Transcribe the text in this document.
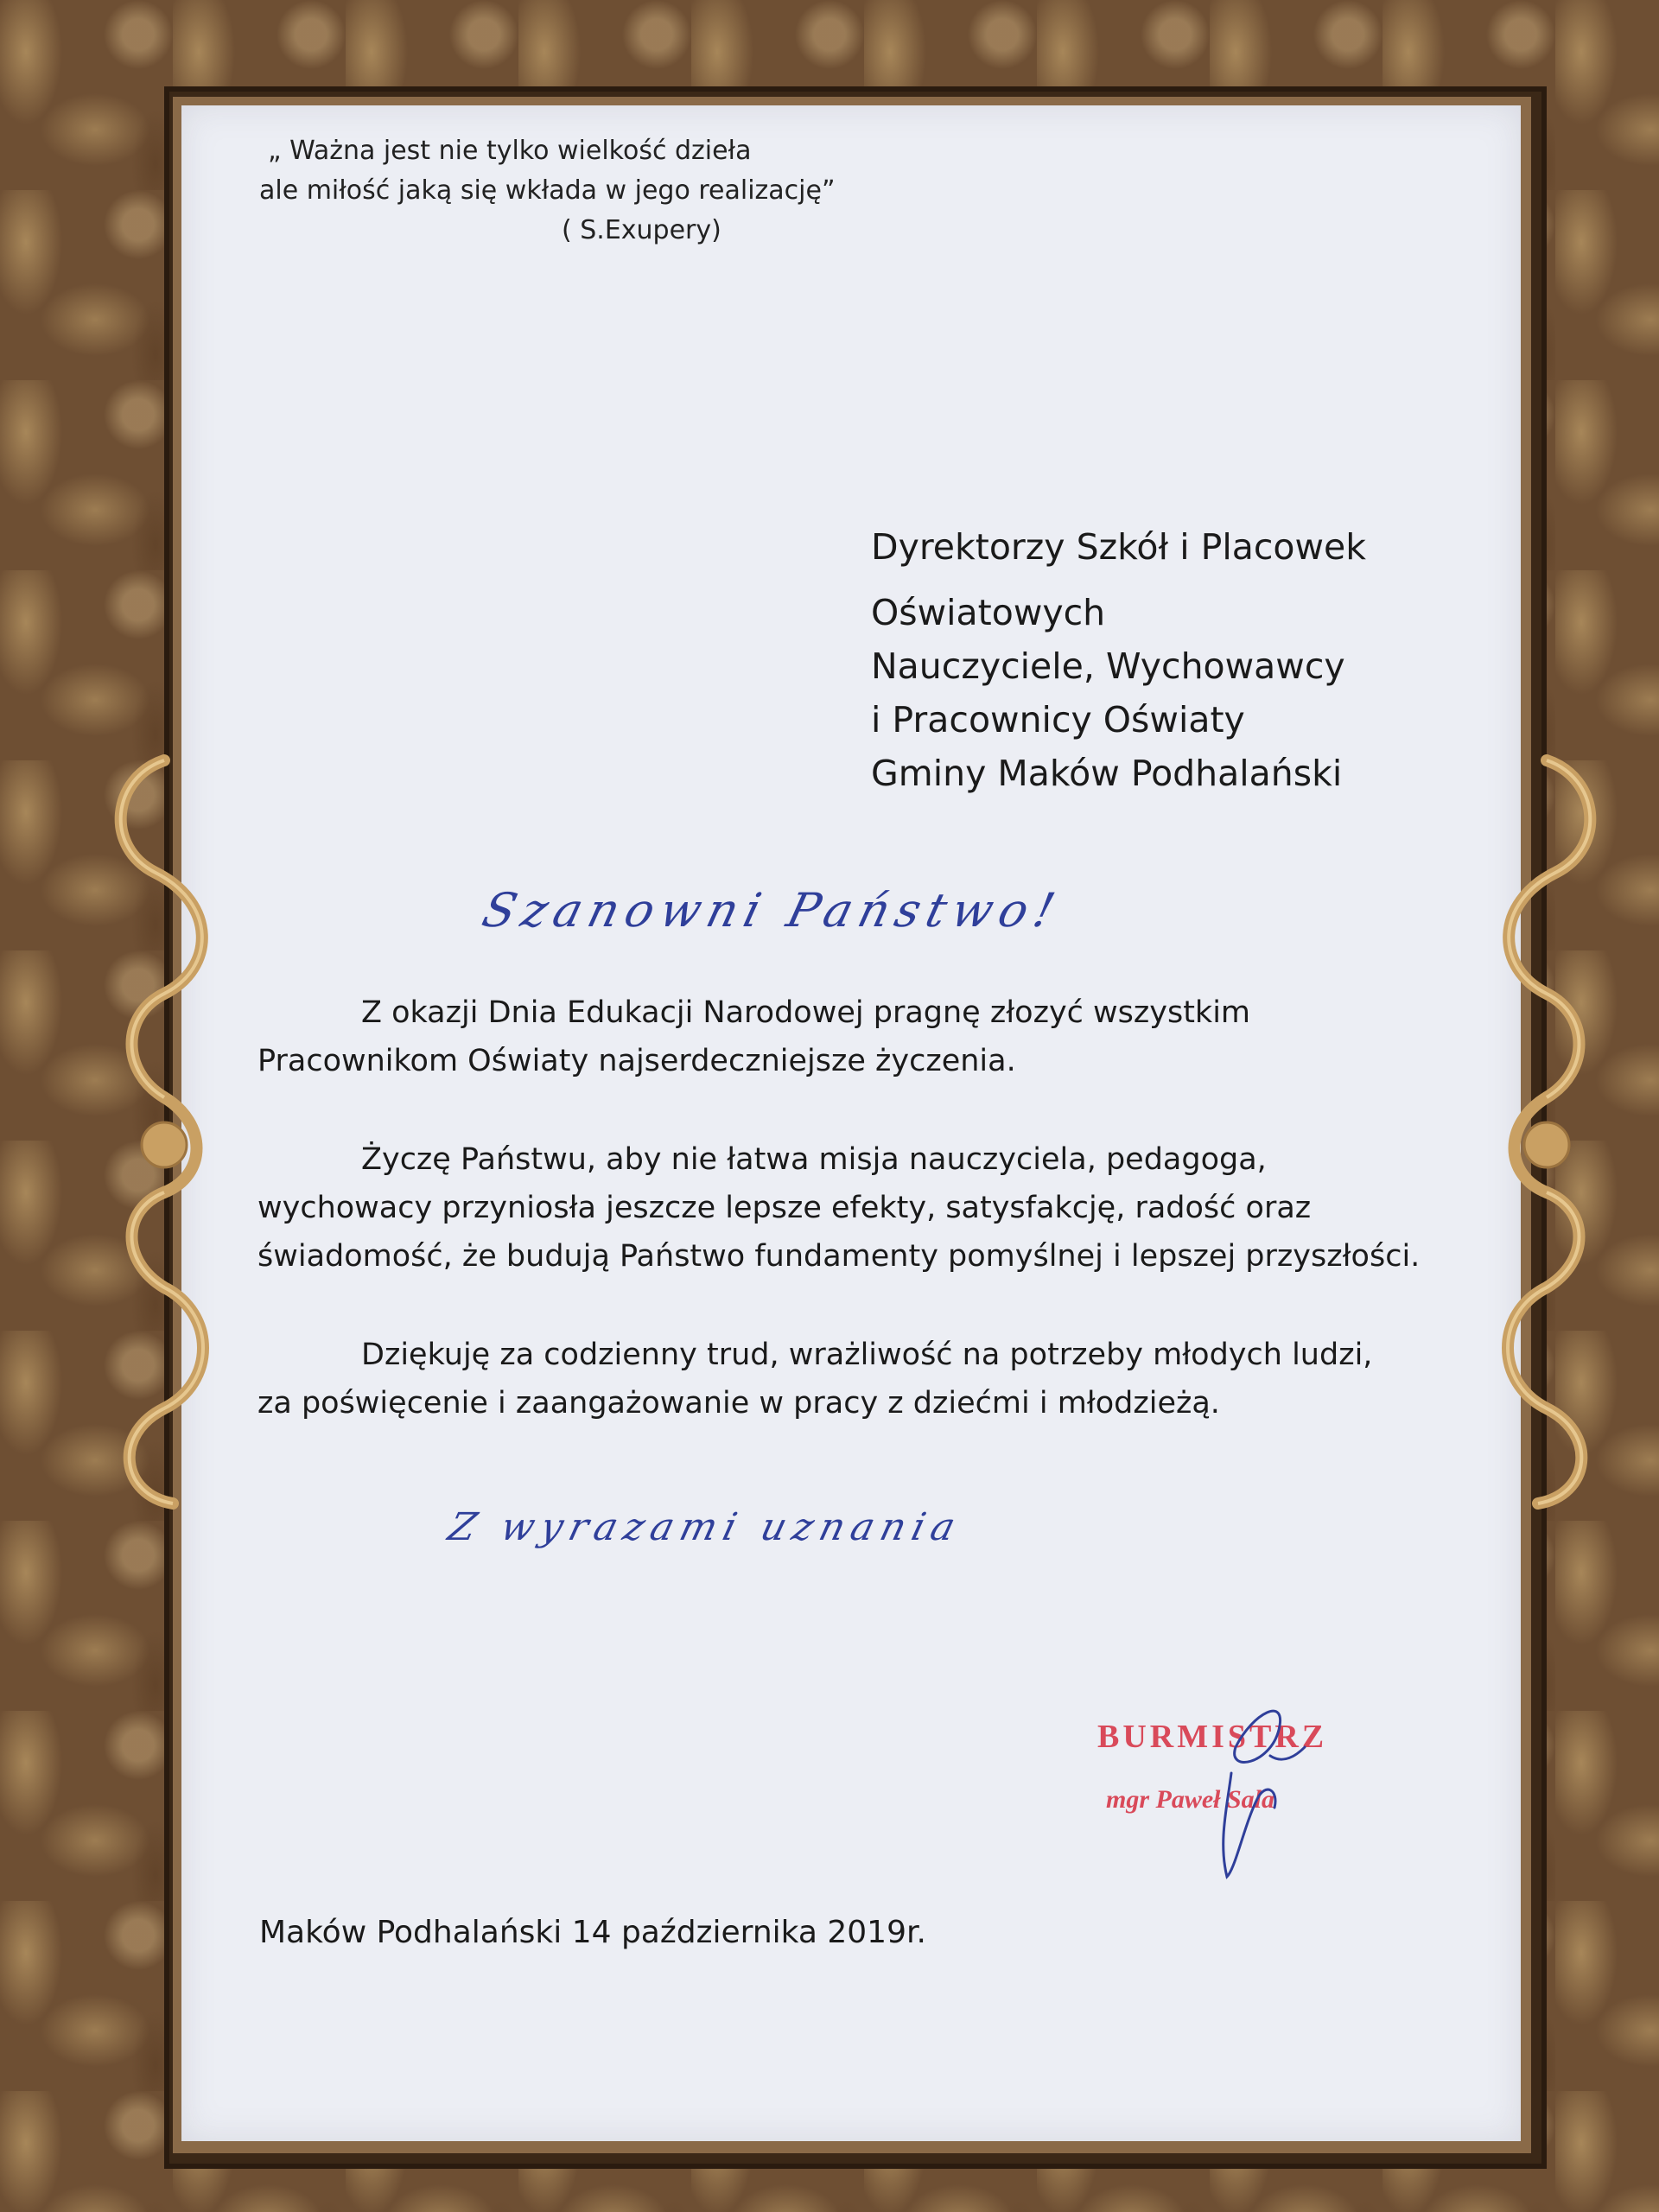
„ Ważna jest nie tylko wielkość dzieła
ale miłość jaką się wkłada w jego realizację”
( S.Exupery)
Dyrektorzy Szkół i Placowek
Oświatowych
Nauczyciele, Wychowawcy
i Pracownicy Oświaty
Gminy Maków Podhalański
Szanowni Państwo!
Z okazji Dnia Edukacji Narodowej pragnę złozyć wszystkim
Pracownikom Oświaty najserdeczniejsze życzenia.
Życzę Państwu, aby nie łatwa misja nauczyciela, pedagoga,
wychowacy przyniosła jeszcze lepsze efekty, satysfakcję, radość oraz
świadomość, że budują Państwo fundamenty pomyślnej i lepszej przyszłości.
Dziękuję za codzienny trud, wrażliwość na potrzeby młodych ludzi,
za poświęcenie i zaangażowanie w pracy z dziećmi i młodzieżą.
Z wyrazami uznania
BURMISTRZ
mgr Paweł Sala
Maków Podhalański 14 października 2019r.
